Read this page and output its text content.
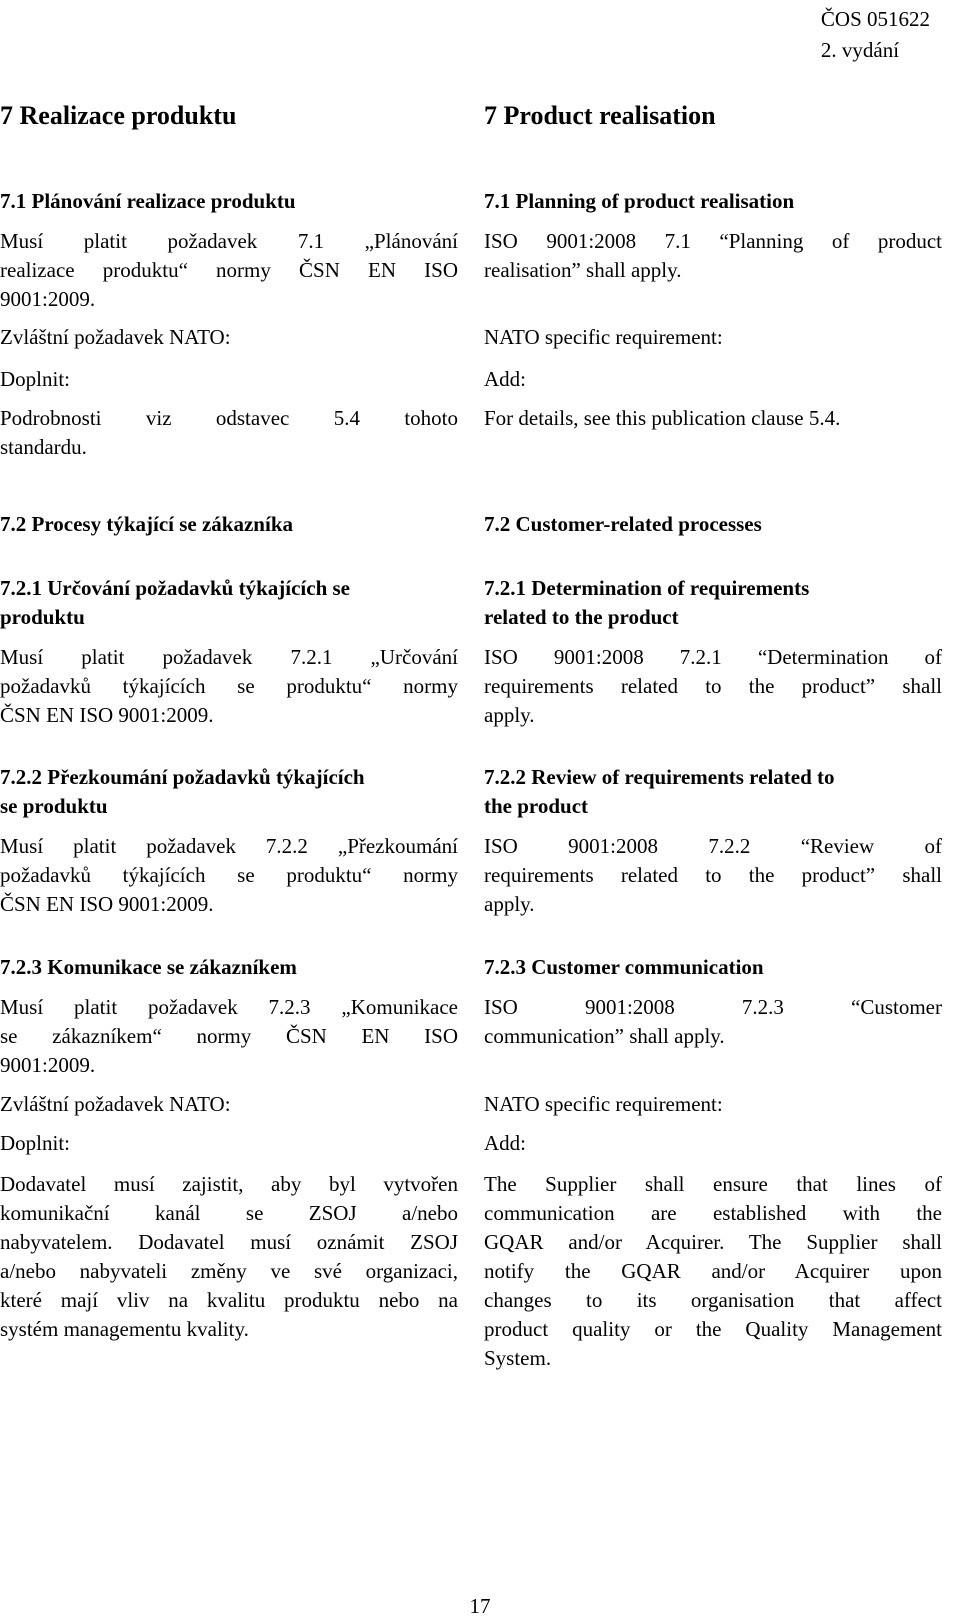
ČOS 051622
2. vydání
7 Realizace produktu	7 Product realisation
7.1 Plánování realizace produktu
Musí platit požadavek 7.1 „Plánování
realizace produktu“ normy ČSN EN ISO
9001:2009.
Zvláštní požadavek NATO:
Doplnit:
Podrobnosti viz odstavec 5.4 tohoto
standardu.
7.2 Procesy týkající se zákazníka
7.2.1 Určování požadavků týkajících se
produktu
Musí platit požadavek 7.2.1 „Určování
požadavků týkajících se produktu“ normy
ČSN EN ISO 9001:2009.
7.2.2 Přezkoumání požadavků týkajících
se produktu
Musí platit požadavek 7.2.2 „Přezkoumání
požadavků týkajících se produktu“ normy
ČSN EN ISO 9001:2009.
7.2.3 Komunikace se zákazníkem
Musí platit požadavek 7.2.3 „Komunikace
se zákazníkem“ normy ČSN EN ISO
9001:2009.
Zvláštní požadavek NATO:
Doplnit:
Dodavatel musí zajistit, aby byl vytvořen
komunikační kanál se ZSOJ a/nebo
nabyvatelem. Dodavatel musí oznámit ZSOJ
a/nebo nabyvateli změny ve své organizaci,
které mají vliv na kvalitu produktu nebo na
systém managementu kvality.
7.1 Planning of product realisation
ISO 9001:2008 7.1 “Planning of product
realisation” shall apply.
NATO specific requirement:
Add:
For details, see this publication clause 5.4.
7.2 Customer-related processes
7.2.1 Determination of requirements
related to the product
ISO 9001:2008 7.2.1 “Determination of
requirements related to the product” shall
apply.
7.2.2 Review of requirements related to
the product
ISO 9001:2008 7.2.2 “Review of
requirements related to the product” shall
apply.
7.2.3 Customer communication
ISO 9001:2008 7.2.3 “Customer
communication” shall apply.
NATO specific requirement:
Add:
The Supplier shall ensure that lines of
communication are established with the
GQAR and/or Acquirer. The Supplier shall
notify the GQAR and/or Acquirer upon
changes to its organisation that affect
product quality or the Quality Management
System.
17
